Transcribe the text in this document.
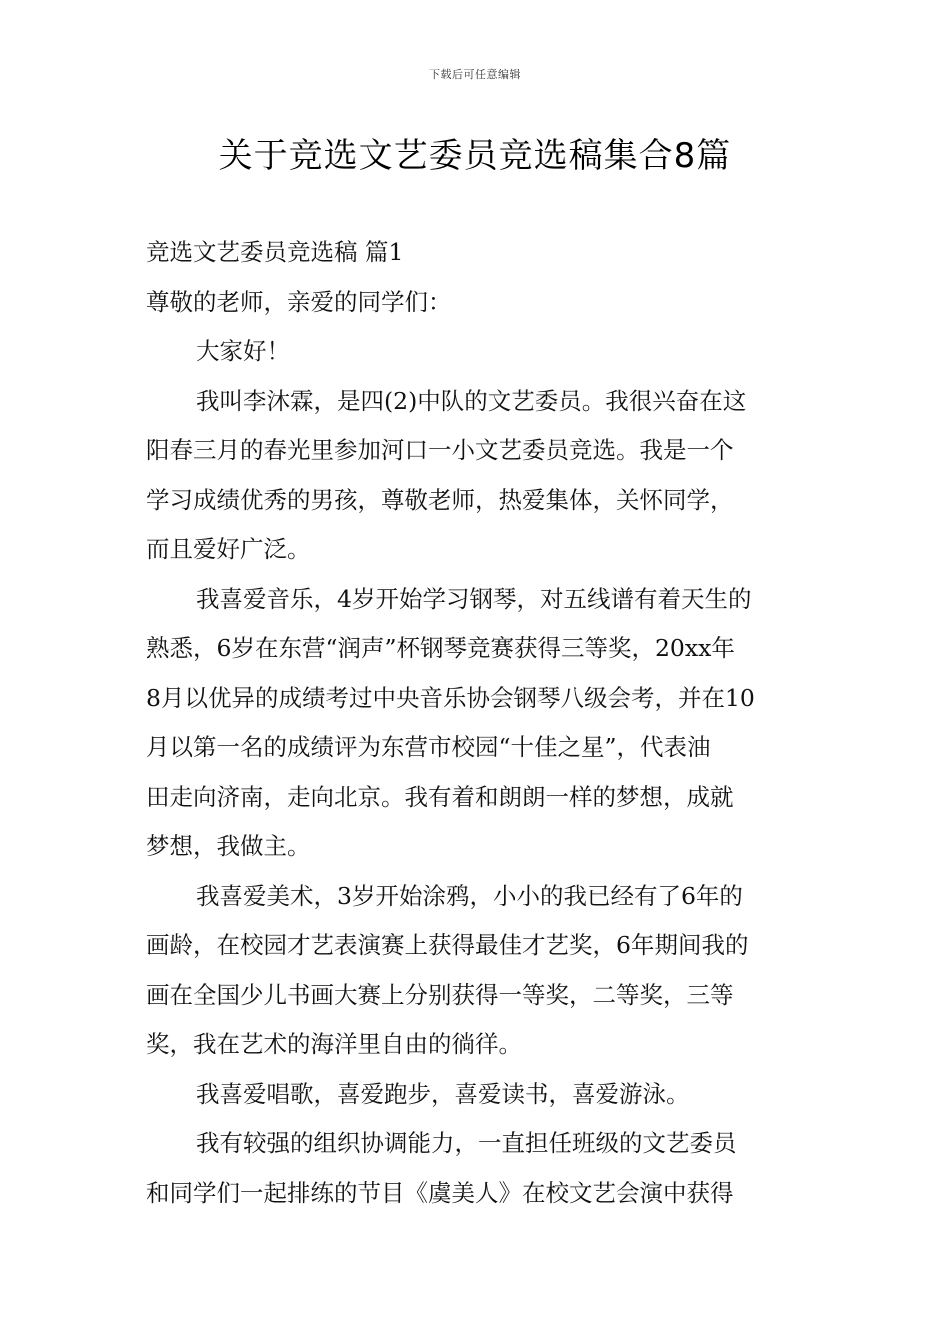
下载后可任意编辑
关于竞选文艺委员竞选稿集合8篇

竞选文艺委员竞选稿 篇1

尊敬的老师，亲爱的同学们：

大家好！

我叫李沐霖，是四(2)中队的文艺委员。我很兴奋在这

阳春三月的春光里参加河口一小文艺委员竞选。我是一个

学习成绩优秀的男孩，尊敬老师，热爱集体，关怀同学，

而且爱好广泛。

我喜爱音乐，4岁开始学习钢琴，对五线谱有着天生的

熟悉，6岁在东营“润声”杯钢琴竞赛获得三等奖，20xx年

8月以优异的成绩考过中央音乐协会钢琴八级会考，并在10

月以第一名的成绩评为东营市校园“十佳之星”，代表油

田走向济南，走向北京。我有着和朗朗一样的梦想，成就

梦想，我做主。

我喜爱美术，3岁开始涂鸦，小小的我已经有了6年的

画龄，在校园才艺表演赛上获得最佳才艺奖，6年期间我的

画在全国少儿书画大赛上分别获得一等奖，二等奖，三等

奖，我在艺术的海洋里自由的徜徉。

我喜爱唱歌，喜爱跑步，喜爱读书，喜爱游泳。

我有较强的组织协调能力，一直担任班级的文艺委员

和同学们一起排练的节目《虞美人》在校文艺会演中获得
